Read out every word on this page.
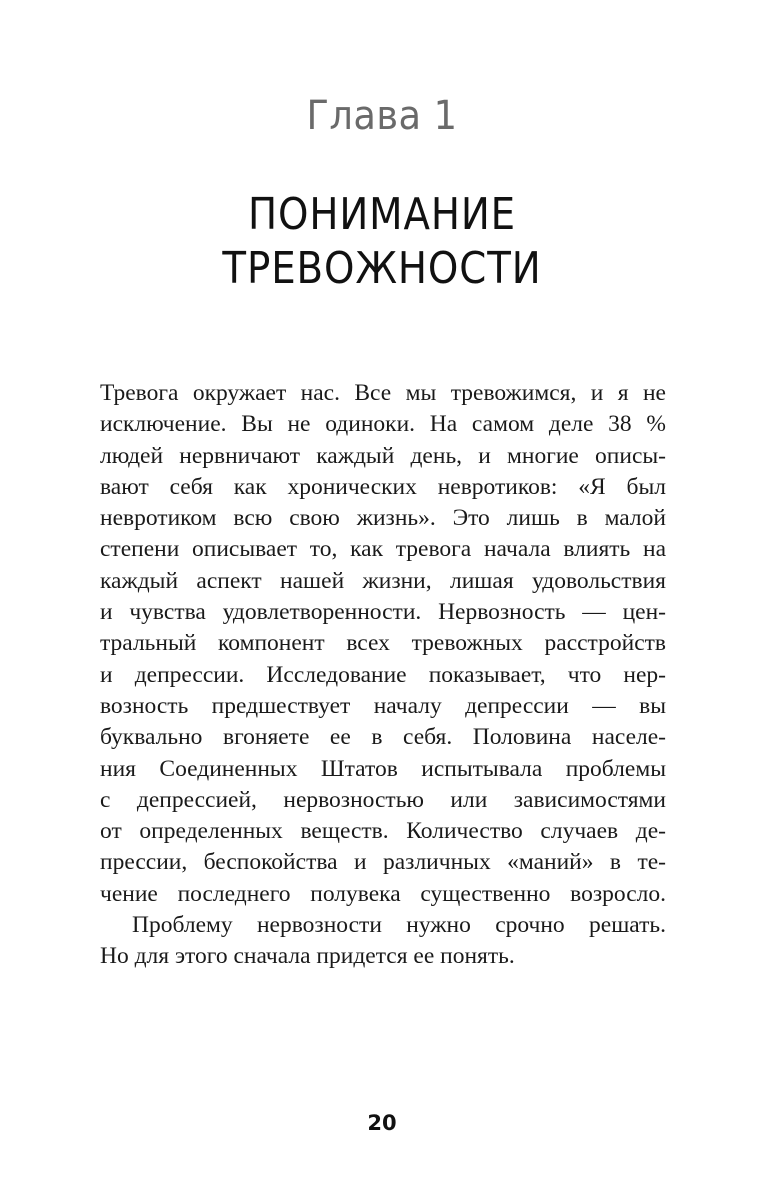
Глава 1
ПОНИМАНИЕ
ТРЕВОЖНОСТИ
Тревога окружает нас. Все мы тревожимся, и я не
исключение. Вы не одиноки. На самом деле 38 %
людей нервничают каждый день, и многие описы-
вают себя как хронических невротиков: «Я был
невротиком всю свою жизнь». Это лишь в малой
степени описывает то, как тревога начала влиять на
каждый аспект нашей жизни, лишая удовольствия
и чувства удовлетворенности. Нервозность — цен-
тральный компонент всех тревожных расстройств
и депрессии. Исследование показывает, что нер-
возность предшествует началу депрессии — вы
буквально вгоняете ее в себя. Половина населе-
ния Соединенных Штатов испытывала проблемы
с депрессией, нервозностью или зависимостями
от определенных веществ. Количество случаев де-
прессии, беспокойства и различных «маний» в те-
чение последнего полувека существенно возросло.
Проблему нервозности нужно срочно решать.
Но для этого сначала придется ее понять.
20
